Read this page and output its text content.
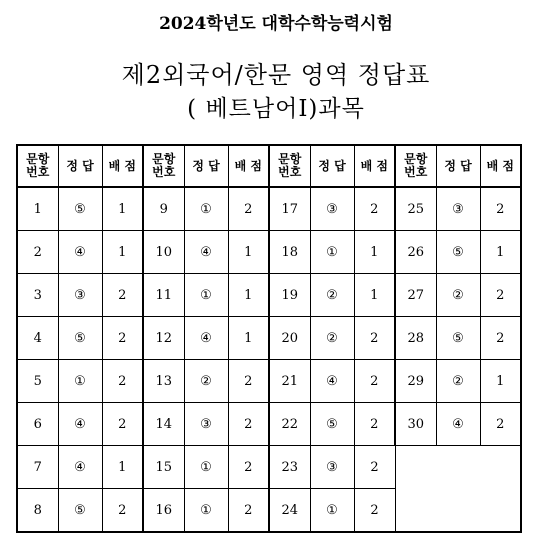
2024학년도 대학수학능력시험
제2외국어/한문 영역 정답표
( 베트남어Ⅰ)과목
문항
번호	정 답	배 점	문항
번호	정 답	배 점	문항
번호	정 답	배 점	문항
번호	정 답	배 점
1	⑤	1	9	①	2	17	③	2	25	③	2
2	④	1	10	④	1	18	①	1	26	⑤	1
3	③	2	11	①	1	19	②	1	27	②	2
4	⑤	2	12	④	1	20	②	2	28	⑤	2
5	①	2	13	②	2	21	④	2	29	②	1
6	④	2	14	③	2	22	⑤	2	30	④	2
7	④	1	15	①	2	23	③	2			
8	⑤	2	16	①	2	24	①	2			
